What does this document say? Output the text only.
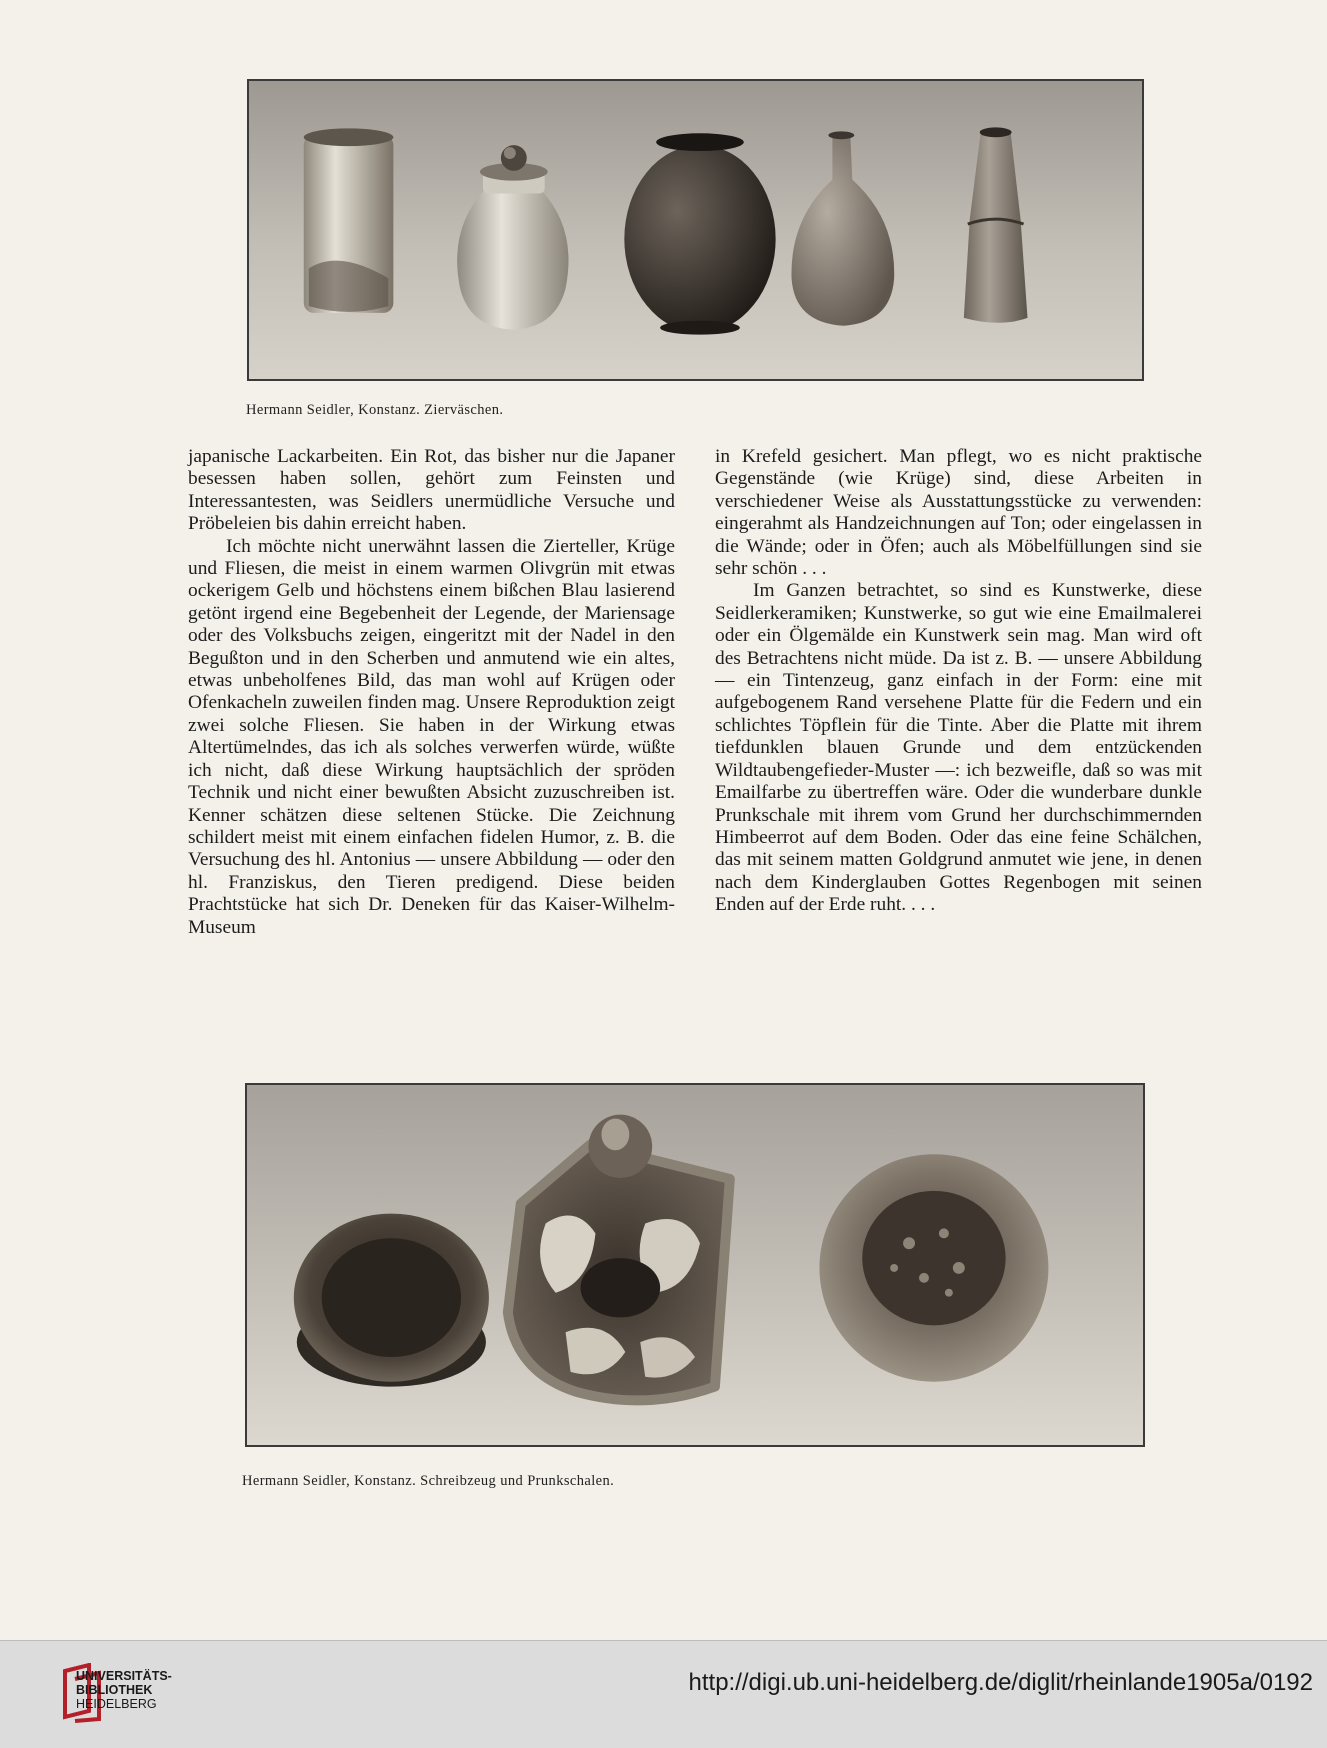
Hermann Seidler, Konstanz. Zierväschen.

japanische Lackarbeiten. Ein Rot, das bisher nur die Japaner besessen haben sollen, gehört zum Feinsten und Interessantesten, was Seidlers unermüdliche Versuche und Pröbeleien bis dahin erreicht haben.

Ich möchte nicht unerwähnt lassen die Zierteller, Krüge und Fliesen, die meist in einem warmen Olivgrün mit etwas ockerigem Gelb und höchstens einem bißchen Blau lasierend getönt irgend eine Begebenheit der Legende, der Mariensage oder des Volksbuchs zeigen, eingeritzt mit der Nadel in den Begußton und in den Scherben und anmutend wie ein altes, etwas unbeholfenes Bild, das man wohl auf Krügen oder Ofenkacheln zuweilen finden mag. Unsere Reproduktion zeigt zwei solche Fliesen. Sie haben in der Wirkung etwas Altertümelndes, das ich als solches verwerfen würde, wüßte ich nicht, daß diese Wirkung hauptsächlich der spröden Technik und nicht einer bewußten Absicht zuzuschreiben ist. Kenner schätzen diese seltenen Stücke. Die Zeichnung schildert meist mit einem einfachen fidelen Humor, z. B. die Versuchung des hl. Antonius — unsere Abbildung — oder den hl. Franziskus, den Tieren predigend. Diese beiden Prachtstücke hat sich Dr. Deneken für das Kaiser-Wilhelm-Museum

in Krefeld gesichert. Man pflegt, wo es nicht praktische Gegenstände (wie Krüge) sind, diese Arbeiten in verschiedener Weise als Ausstattungsstücke zu verwenden: eingerahmt als Handzeichnungen auf Ton; oder eingelassen in die Wände; oder in Öfen; auch als Möbelfüllungen sind sie sehr schön . . .

Im Ganzen betrachtet, so sind es Kunstwerke, diese Seidlerkeramiken; Kunstwerke, so gut wie eine Emailmalerei oder ein Ölgemälde ein Kunstwerk sein mag. Man wird oft des Betrachtens nicht müde. Da ist z. B. — unsere Abbildung — ein Tintenzeug, ganz einfach in der Form: eine mit aufgebogenem Rand versehene Platte für die Federn und ein schlichtes Töpflein für die Tinte. Aber die Platte mit ihrem tiefdunklen blauen Grunde und dem entzückenden Wildtaubengefieder-Muster —: ich bezweifle, daß so was mit Emailfarbe zu übertreffen wäre. Oder die wunderbare dunkle Prunkschale mit ihrem vom Grund her durchschimmernden Himbeerrot auf dem Boden. Oder das eine feine Schälchen, das mit seinem matten Goldgrund anmutet wie jene, in denen nach dem Kinderglauben Gottes Regenbogen mit seinen Enden auf der Erde ruht. . . .

Hermann Seidler, Konstanz. Schreibzeug und Prunkschalen.
UNIVERSITÄTS-
BIBLIOTHEK
HEIDELBERG
http://digi.ub.uni-heidelberg.de/diglit/rheinlande1905a/0192
